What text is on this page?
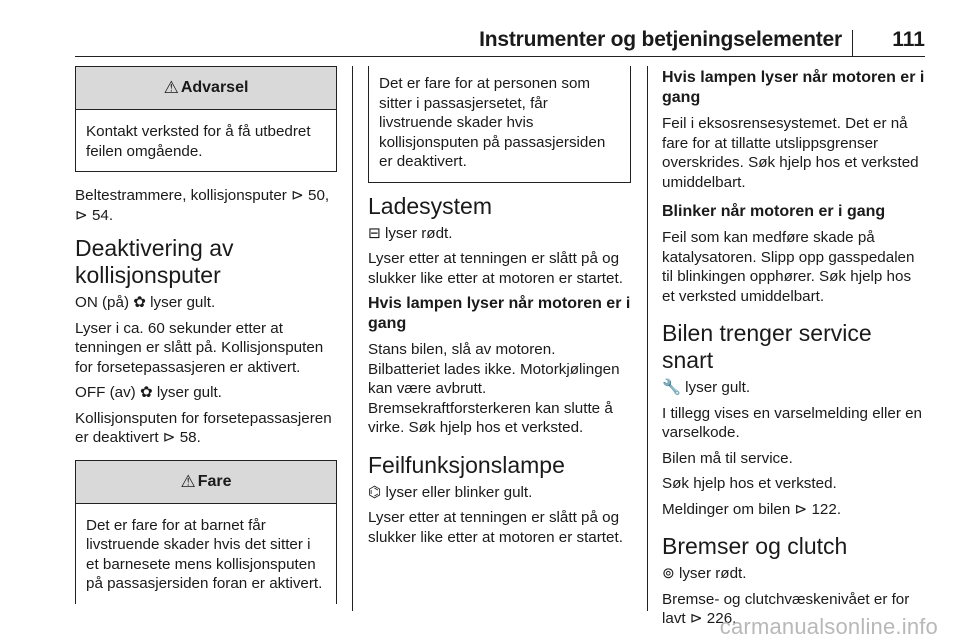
Instrumenter og betjeningselementer 111
⚠ Advarsel
Kontakt verksted for å få utbedret feilen omgående.

Beltestrammere, kollisjonsputer ⊳ 50, ⊳ 54.

Deaktivering av kollisjonsputer

ON (på) ✿ lyser gult.

Lyser i ca. 60 sekunder etter at tenningen er slått på. Kollisjonsputen for forsetepassasjeren er aktivert.

OFF (av) ✿ lyser gult.

Kollisjonsputen for forsetepassasjeren er deaktivert ⊳ 58.

⚠ Fare
Det er fare for at barnet får livstruende skader hvis det sitter i et barnesete mens kollisjonsputen på passasjersiden foran er aktivert.
Det er fare for at personen som sitter i passasjersetet, får livstruende skader hvis kollisjonsputen på passasjersiden er deaktivert.
Ladesystem

⊟ lyser rødt.

Lyser etter at tenningen er slått på og slukker like etter at motoren er startet.

Hvis lampen lyser når motoren er i gang

Stans bilen, slå av motoren. Bilbatteriet lades ikke. Motorkjølingen kan være avbrutt. Bremsekraftforsterkeren kan slutte å virke. Søk hjelp hos et verksted.

Feilfunksjonslampe

⌬ lyser eller blinker gult.

Lyser etter at tenningen er slått på og slukker like etter at motoren er startet.

Hvis lampen lyser når motoren er i gang

Feil i eksosrensesystemet. Det er nå fare for at tillatte utslippsgrenser overskrides. Søk hjelp hos et verksted umiddelbart.

Blinker når motoren er i gang

Feil som kan medføre skade på katalysatoren. Slipp opp gasspedalen til blinkingen opphører. Søk hjelp hos et verksted umiddelbart.

Bilen trenger service snart

🔧 lyser gult.

I tillegg vises en varselmelding eller en varselkode.

Bilen må til service.

Søk hjelp hos et verksted.

Meldinger om bilen ⊳ 122.

Bremser og clutch

⊚ lyser rødt.

Bremse- og clutchvæskenivået er for lavt ⊳ 226.

carmanualsonline.info
